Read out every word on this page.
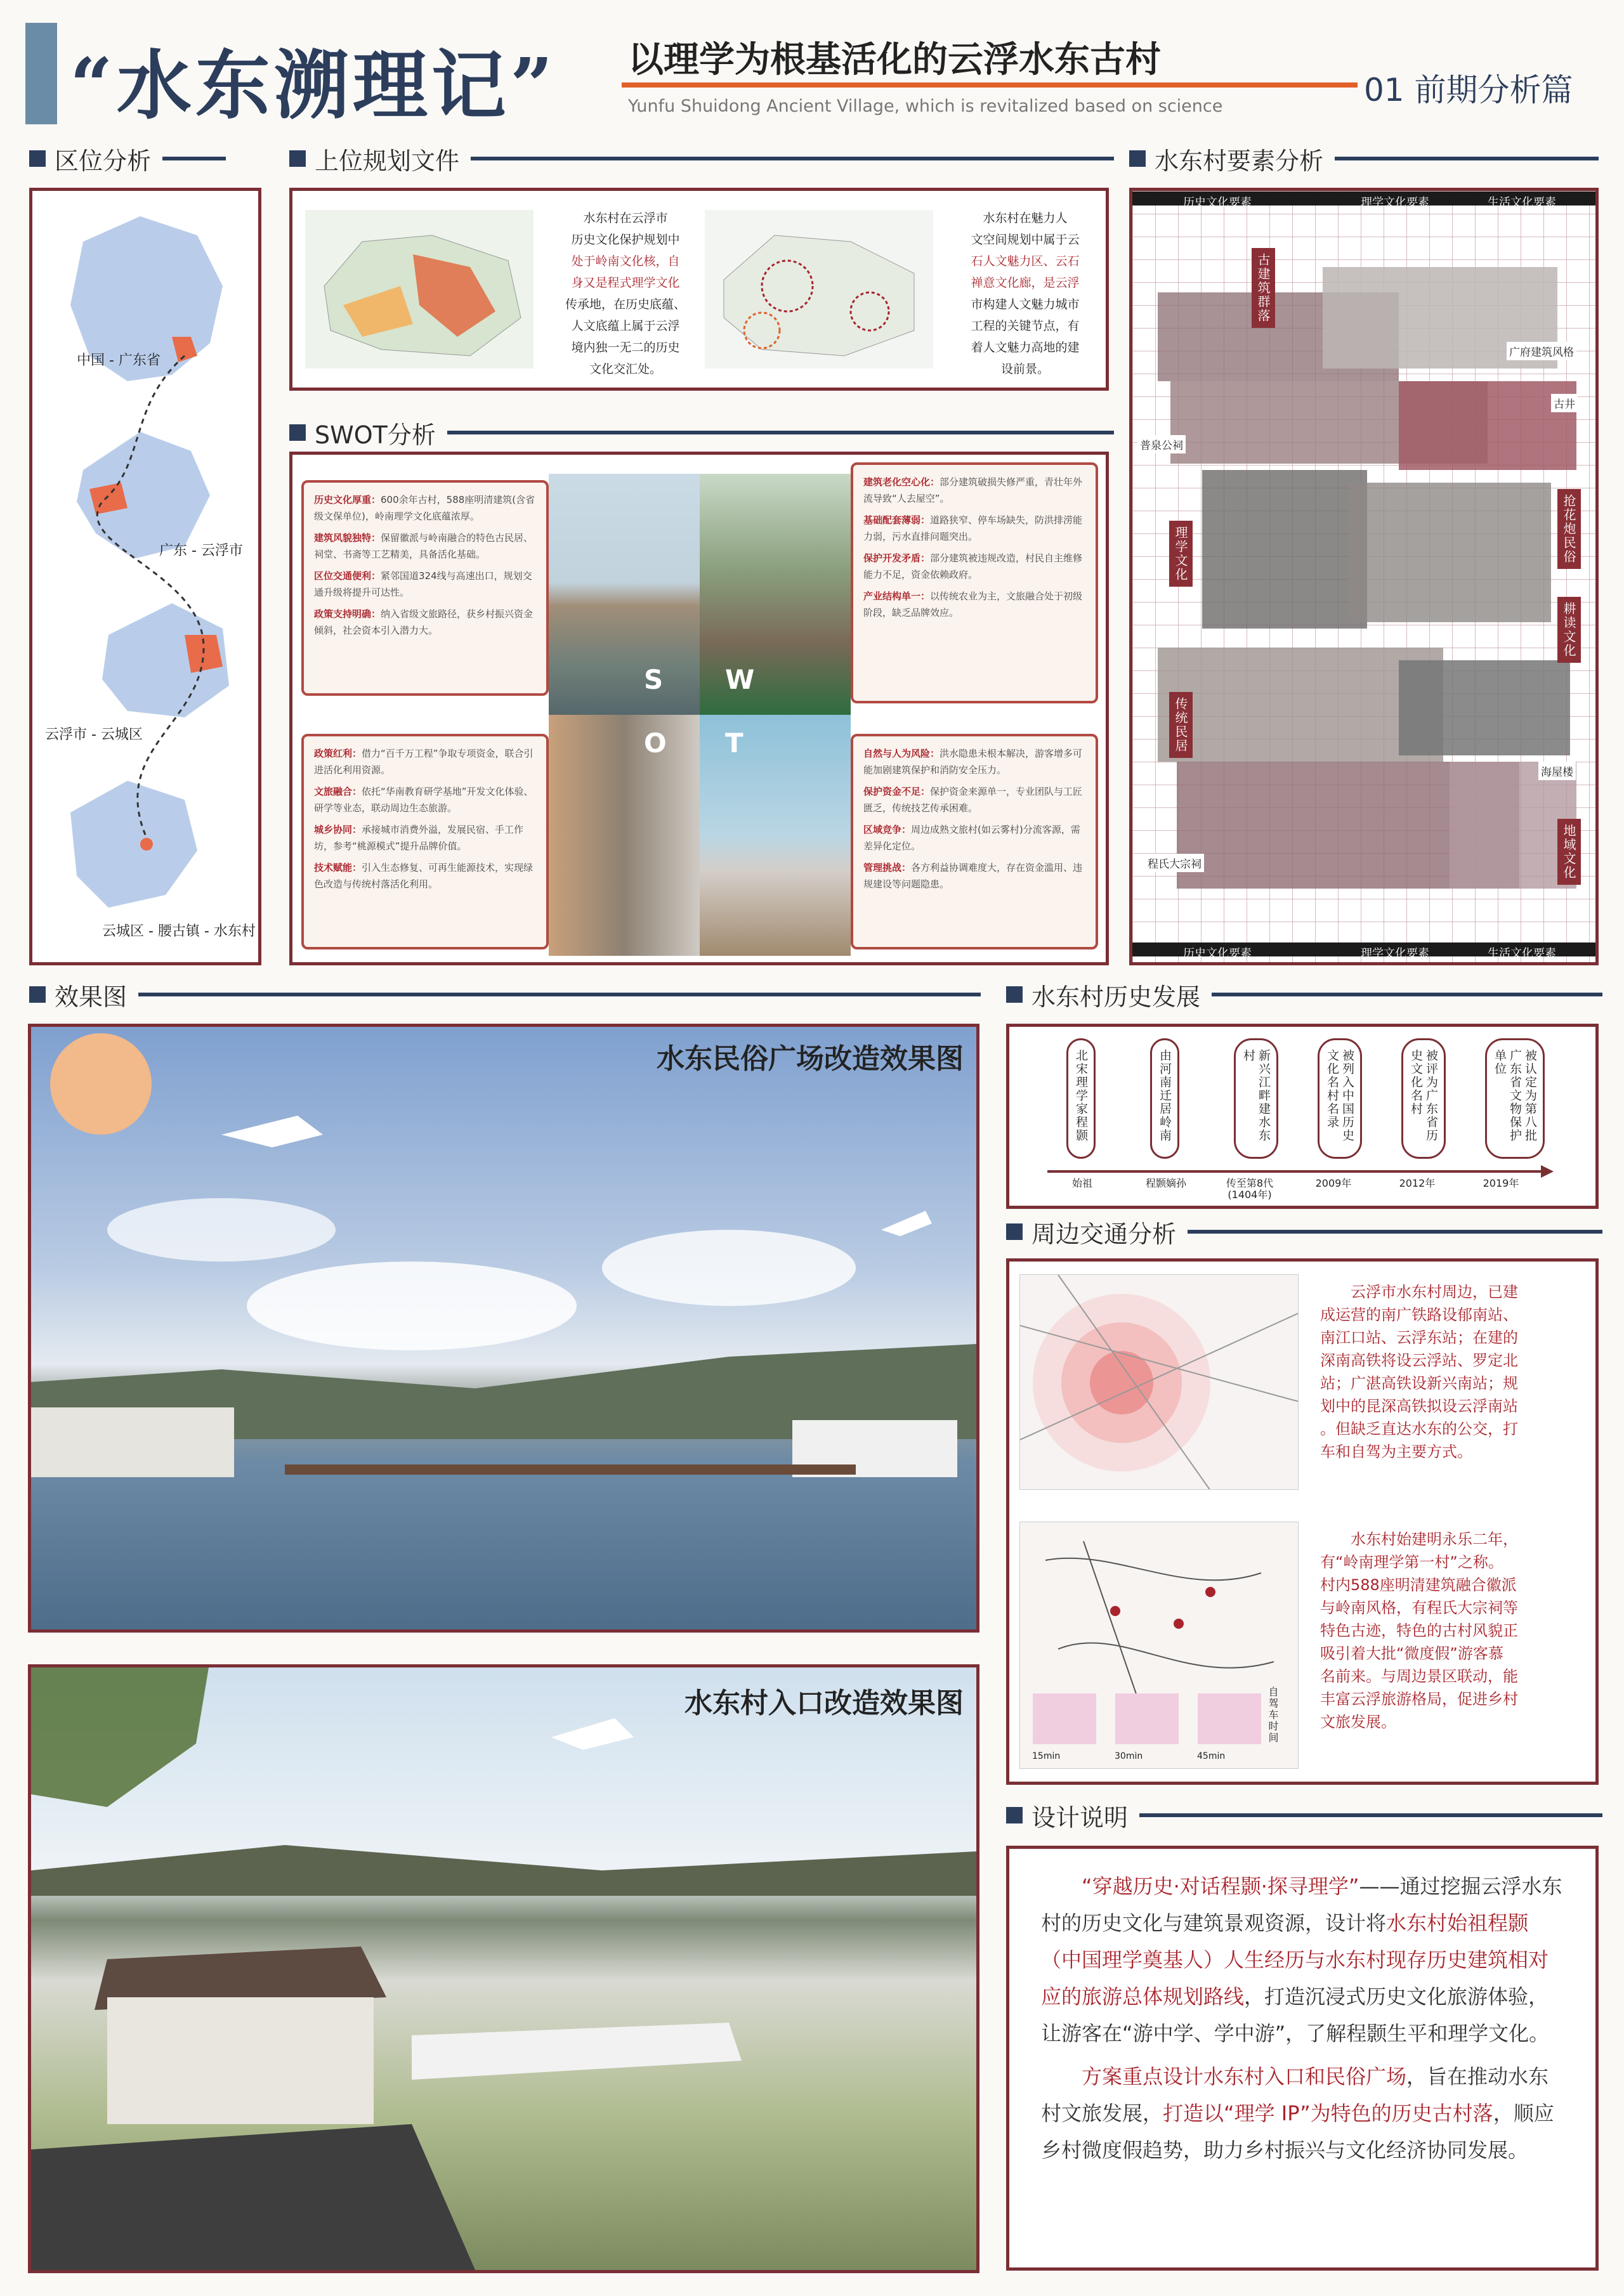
“水东溯理记” 以理学为根基活化的云浮水东古村
Yunfu Shuidong Ancient Village, which is revitalized based on science	01 前期分析篇
区位分析	上位规划文件	水东村要素分析
中国 - 广东省
广东 - 云浮市
云浮市 - 云城区
云城区 - 腰古镇 - 水东村
水东村在云浮市
历史文化保护规划中
处于岭南文化核，自
身又是程式理学文化
传承地，在历史底蕴、
人文底蕴上属于云浮
境内独一无二的历史
文化交汇处。
水东村在魅力人
文空间规划中属于云
石人文魅力区、云石
禅意文化廊，是云浮
市构建人文魅力城市
工程的关键节点，有
着人文魅力高地的建
设前景。
SWOT分析

历史文化厚重：600余年古村，588座明清建筑(含省级文保单位)，岭南理学文化底蕴浓厚。

建筑风貌独特：保留徽派与岭南融合的特色古民居、祠堂、书斋等工艺精美，具备活化基础。

区位交通便利：紧邻国道324线与高速出口，规划交通升级将提升可达性。

政策支持明确：纳入省级文旅路径，获乡村振兴资金倾斜，社会资本引入潜力大。

建筑老化空心化：部分建筑破损失修严重，青壮年外流导致“人去屋空”。

基础配套薄弱：道路狭窄、停车场缺失，防洪排涝能力弱，污水直排问题突出。

保护开发矛盾：部分建筑被违规改造，村民自主维修能力不足，资金依赖政府。

产业结构单一：以传统农业为主，文旅融合处于初级阶段，缺乏品牌效应。

政策红利：借力“百千万工程”争取专项资金，联合引进活化利用资源。

文旅融合：依托“华南教育研学基地”开发文化体验、研学等业态，联动周边生态旅游。

城乡协同：承接城市消费外溢，发展民宿、手工作坊，参考“桃源模式”提升品牌价值。

技术赋能：引入生态修复、可再生能源技术，实现绿色改造与传统村落活化利用。

自然与人为风险：洪水隐患未根本解决，游客增多可能加剧建筑保护和消防安全压力。

保护资金不足：保护资金来源单一，专业团队与工匠匮乏，传统技艺传承困难。

区域竞争：周边成熟文旅村(如云雾村)分流客源，需差异化定位。

管理挑战：各方利益协调难度大，存在资金滥用、违规建设等问题隐患。

S W
O T
历史文化要素	理学文化要素	生活文化要素
历史文化要素	理学文化要素	生活文化要素
古建筑群落
广府建筑风格
古井
普泉公祠
理学文化	抢花炮民俗
耕读文化
传统民居
海屋楼
程氏大宗祠	地域文化
效果图
水东民俗广场改造效果图
水东村入口改造效果图
水东村历史发展
北宋理学家程颢
始祖
由河南迁居岭南
程颢嫡孙
新兴江畔建水东村
传至第8代
(1404年)
被列入中国历史文化名村名录
2009年
被评为广东省历史文化名村
2012年
被认定为第八批广东省文物保护单位
2019年
周边交通分析
云浮市水东村周边，已建
成运营的南广铁路设郁南站、
南江口站、云浮东站；在建的
深南高铁将设云浮站、罗定北
站；广湛高铁设新兴南站；规
划中的昆深高铁拟设云浮南站
。但缺乏直达水东的公交，打
车和自驾为主要方式。
自驾车时间
15min	30min	45min
水东村始建明永乐二年，
有“岭南理学第一村”之称。
村内588座明清建筑融合徽派
与岭南风格，有程氏大宗祠等
特色古迹，特色的古村风貌正
吸引着大批“微度假”游客慕
名前来。与周边景区联动，能
丰富云浮旅游格局，促进乡村
文旅发展。
设计说明
“穿越历史·对话程颢·探寻理学”——通过挖掘云浮水东村的历史文化与建筑景观资源，设计将水东村始祖程颢（中国理学奠基人）人生经历与水东村现存历史建筑相对应的旅游总体规划路线，打造沉浸式历史文化旅游体验，让游客在“游中学、学中游”，了解程颢生平和理学文化。
方案重点设计水东村入口和民俗广场，旨在推动水东村文旅发展，打造以“理学 IP”为特色的历史古村落，顺应乡村微度假趋势，助力乡村振兴与文化经济协同发展。
